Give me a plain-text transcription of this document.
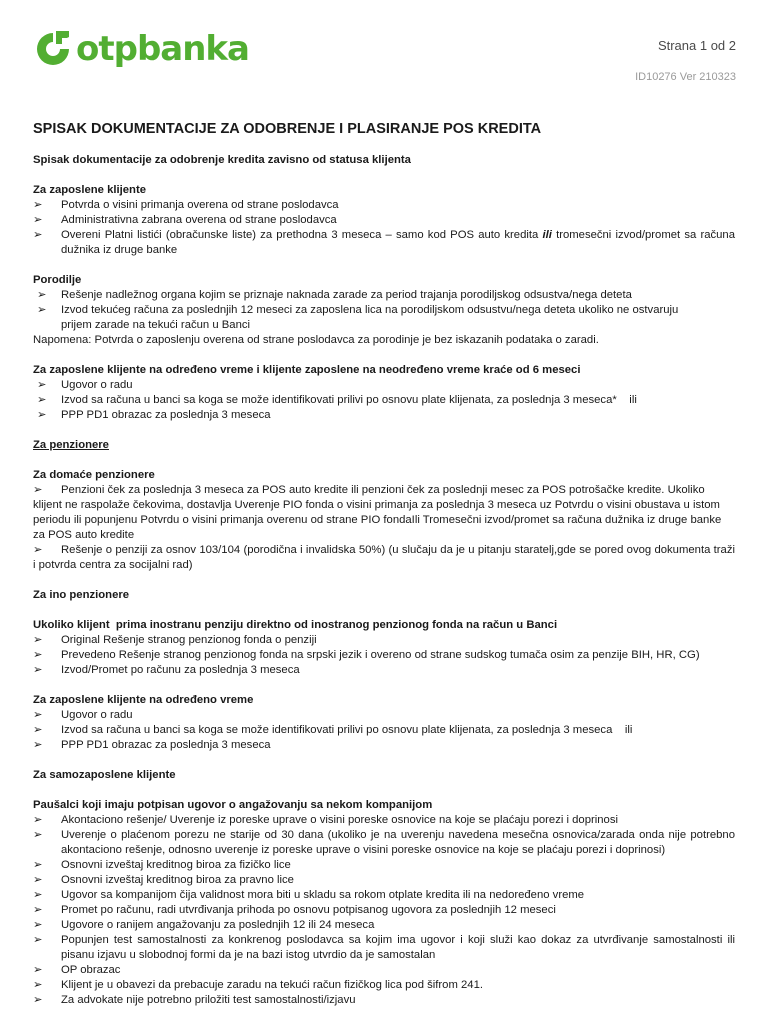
otpbanka	Strana 1 od 2
ID10276 Ver 210323
SPISAK DOKUMENTACIJE ZA ODOBRENJE I PLASIRANJE POS KREDITA
Spisak dokumentacije za odobrenje kredita zavisno od statusa klijenta
Za zaposlene klijente
➢	Potvrda o visini primanja overena od strane poslodavca
➢	Administrativna zabrana overena od strane poslodavca
➢	Overeni Platni listići (obračunske liste) za prethodna 3 meseca – samo kod POS auto kredita ili tromesečni izvod/promet sa računa dužnika iz druge banke
Porodilje
➢	Rešenje nadležnog organa kojim se priznaje naknada zarade za period trajanja porodiljskog odsustva/nega deteta
➢	Izvod tekućeg računa za poslednjih 12 meseci za zaposlena lica na porodiljskom odsustvu/nega deteta ukoliko ne ostvaruju prijem zarade na tekući račun u Banci
Napomena: Potvrda o zaposlenju overena od strane poslodavca za porodinje je bez iskazanih podataka o zaradi.
Za zaposlene klijente na određeno vreme i klijente zaposlene na neodređeno vreme kraće od 6 meseci
➢	Ugovor o radu
➢	Izvod sa računa u banci sa koga se može identifikovati prilivi po osnovu plate klijenata, za poslednja 3 meseca*    ili
➢	PPP PD1 obrazac za poslednja 3 meseca
Za penzionere
Za domaće penzionere
➢ Penzioni ček za poslednja 3 meseca za POS auto kredite ili penzioni ček za poslednji mesec za POS potrošačke kredite. Ukoliko klijent ne raspolaže čekovima, dostavlja Uverenje PIO fonda o visini primanja za poslednja 3 meseca uz Potvrdu o visini obustava u istom periodu ili popunjenu Potvrdu o visini primanja overenu od strane PIO fondaIli Tromesečni izvod/promet sa računa dužnika iz druge banke za POS auto kredite
➢ Rešenje o penziji za osnov 103/104 (porodična i invalidska 50%) (u slučaju da je u pitanju staratelj,gde se pored ovog dokumenta traži i potvrda centra za socijalni rad)
Za ino penzionere
Ukoliko klijent  prima inostranu penziju direktno od inostranog penzionog fonda na račun u Banci
➢	Original Rešenje stranog penzionog fonda o penziji
➢	Prevedeno Rešenje stranog penzionog fonda na srpski jezik i overeno od strane sudskog tumača osim za penzije BIH, HR, CG)
➢	Izvod/Promet po računu za poslednja 3 meseca
Za zaposlene klijente na određeno vreme
➢	Ugovor o radu
➢	Izvod sa računa u banci sa koga se može identifikovati prilivi po osnovu plate klijenata, za poslednja 3 meseca    ili
➢	PPP PD1 obrazac za poslednja 3 meseca
Za samozaposlene klijente
Paušalci koji imaju potpisan ugovor o angažovanju sa nekom kompanijom
➢	Akontaciono rešenje/ Uverenje iz poreske uprave o visini poreske osnovice na koje se plaćaju porezi i doprinosi
➢	Uverenje o plaćenom porezu ne starije od 30 dana (ukoliko je na uverenju navedena mesečna osnovica/zarada onda nije potrebno akontaciono rešenje, odnosno uverenje iz poreske uprave o visini poreske osnovice na koje se plaćaju porezi i doprinosi)
➢	Osnovni izveštaj kreditnog biroa za fizičko lice
➢	Osnovni izveštaj kreditnog biroa za pravno lice
➢	Ugovor sa kompanijom čija validnost mora biti u skladu sa rokom otplate kredita ili na nedoređeno vreme
➢	Promet po računu, radi utvrđivanja prihoda po osnovu potpisanog ugovora za poslednjih 12 meseci
➢	Ugovore o ranijem angažovanju za poslednjih 12 ili 24 meseca
➢	Popunjen test samostalnosti za konkrenog poslodavca sa kojim ima ugovor i koji služi kao dokaz za utvrđivanje samostalnosti ili pisanu izjavu u slobodnoj formi da je na bazi istog utvrdio da je samostalan
➢	OP obrazac
➢	Klijent je u obavezi da prebacuje zaradu na tekući račun fizičkog lica pod šifrom 241.
➢	Za advokate nije potrebno priložiti test samostalnosti/izjavu
